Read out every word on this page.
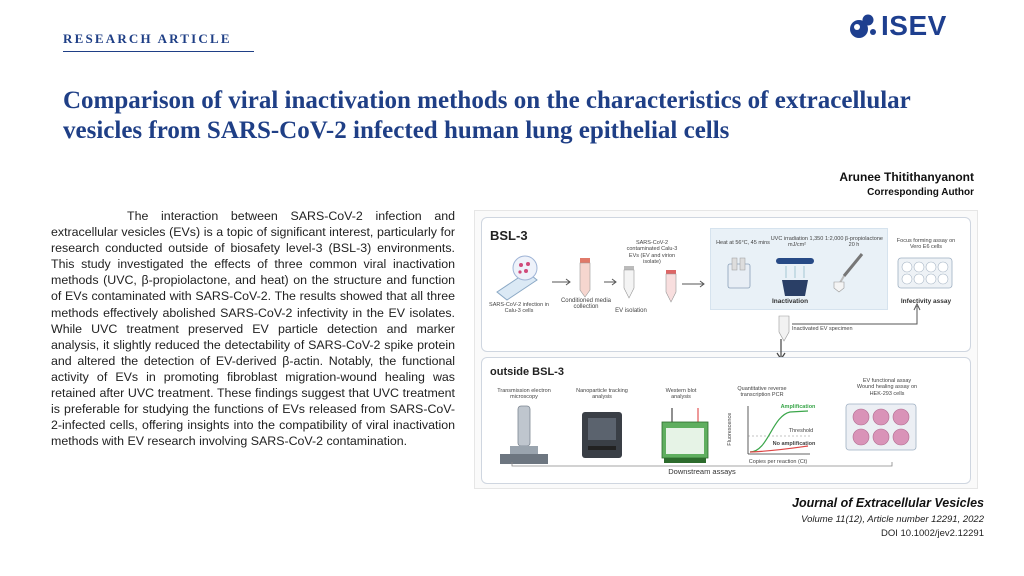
RESEARCH ARTICLE	ISEV
Comparison of viral inactivation methods on the characteristics of extracellular vesicles from SARS-CoV-2 infected human lung epithelial cells
Arunee Thitithanyanont
Corresponding Author

The interaction between SARS-CoV-2 infection and extracellular vesicles (EVs) is a topic of significant interest, particularly for research conducted outside of biosafety level-3 (BSL-3) environments. This study investigated the effects of three common viral inactivation methods (UVC, β-propiolactone, and heat) on the structure and function of EVs contaminated with SARS-CoV-2. The results showed that all three methods effectively abolished SARS-CoV-2 infectivity in the EV isolates. While UVC treatment preserved EV particle detection and marker analysis, it slightly reduced the detectability of SARS-CoV-2 spike protein and altered the detection of EV-derived β-actin. Notably, the functional activity of EVs in promoting fibroblast migration-wound healing was retained after UVC treatment. These findings suggest that UVC treatment is preferable for studying the functions of EVs released from SARS-CoV-2-infected cells, offering insights into the compatibility of viral inactivation methods with EV research involving SARS-CoV-2 contamination.

BSL-3
SARS-CoV-2 infection in Calu-3 cells
Conditioned media collection
EV isolation
SARS-CoV-2 contaminated Calu-3 EVs (EV and virion isolate)
Heat at 56°C, 45 mins
UVC irradiation 1,350 mJ/cm²
1:2,000 β-propiolactone 20 h
Inactivation
Focus forming assay on Vero E6 cells
Infectivity assay
Inactivated EV specimen
outside BSL-3
Transmission electron microscopy
Nanoparticle tracking analysis
Western blot analysis
Quantitative reverse transcription PCR
Amplification
Threshold
No amplification
Fluorescence
Copies per reaction (Ct)
EV functional assay Wound healing assay on HEK-293 cells
Downstream assays
Journal of Extracellular Vesicles
Volume 11(12), Article number 12291, 2022
DOI 10.1002/jev2.12291
